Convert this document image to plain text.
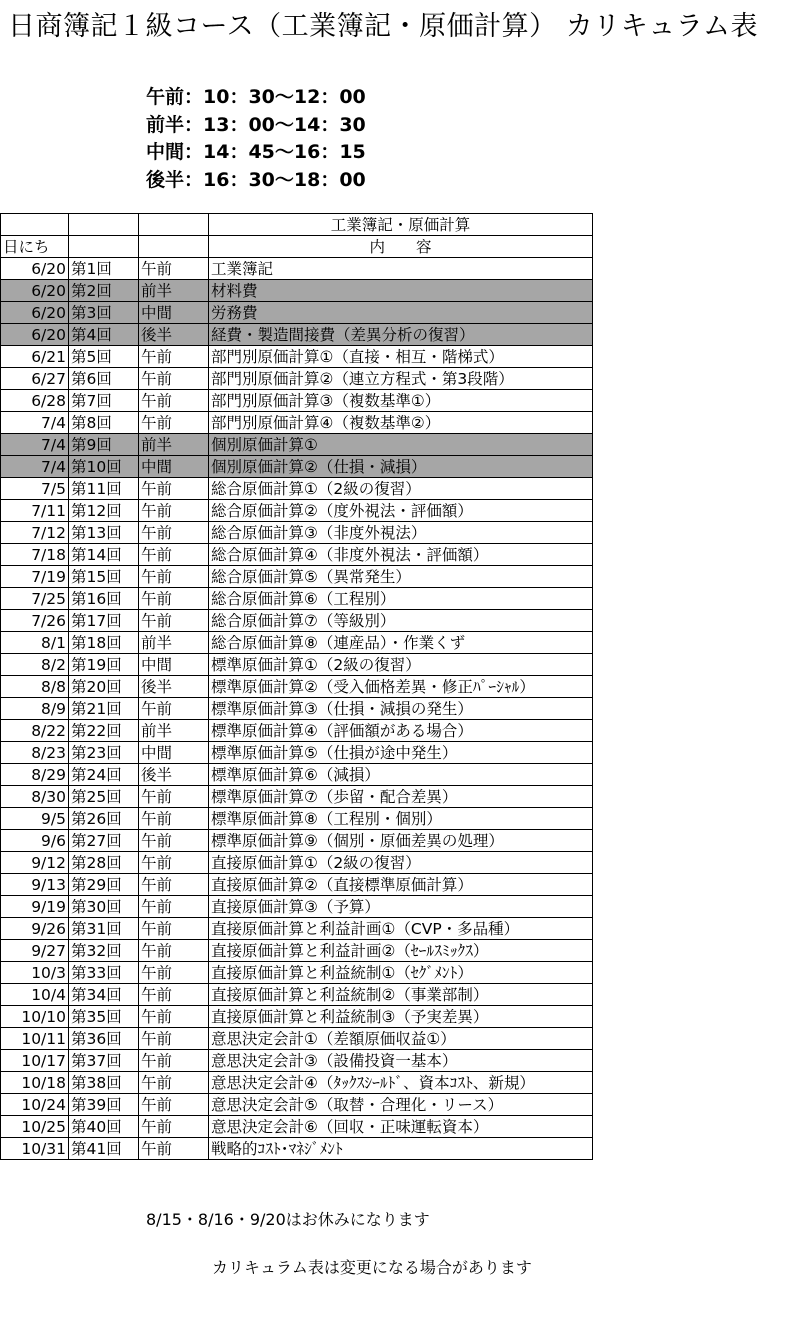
日商簿記１級コース（工業簿記・原価計算） カリキュラム表
午前：10：30〜12：00
前半：13：00〜14：30
中間：14：45〜16：15
後半：16：30〜18：00
			工業簿記・原価計算
日にち			内　　容
6/20	第1回	午前	工業簿記
6/20	第2回	前半	材料費
6/20	第3回	中間	労務費
6/20	第4回	後半	経費・製造間接費（差異分析の復習）
6/21	第5回	午前	部門別原価計算①（直接・相互・階梯式）
6/27	第6回	午前	部門別原価計算②（連立方程式・第3段階）
6/28	第7回	午前	部門別原価計算③（複数基準①）
7/4	第8回	午前	部門別原価計算④（複数基準②）
7/4	第9回	前半	個別原価計算①
7/4	第10回	中間	個別原価計算②（仕損・減損）
7/5	第11回	午前	総合原価計算①（2級の復習）
7/11	第12回	午前	総合原価計算②（度外視法・評価額）
7/12	第13回	午前	総合原価計算③（非度外視法）
7/18	第14回	午前	総合原価計算④（非度外視法・評価額）
7/19	第15回	午前	総合原価計算⑤（異常発生）
7/25	第16回	午前	総合原価計算⑥（工程別）
7/26	第17回	午前	総合原価計算⑦（等級別）
8/1	第18回	前半	総合原価計算⑧（連産品）・作業くず
8/2	第19回	中間	標準原価計算①（2級の復習）
8/8	第20回	後半	標準原価計算②（受入価格差異・修正ﾊﾟｰｼｬﾙ）
8/9	第21回	午前	標準原価計算③（仕損・減損の発生）
8/22	第22回	前半	標準原価計算④（評価額がある場合）
8/23	第23回	中間	標準原価計算⑤（仕損が途中発生）
8/29	第24回	後半	標準原価計算⑥（減損）
8/30	第25回	午前	標準原価計算⑦（歩留・配合差異）
9/5	第26回	午前	標準原価計算⑧（工程別・個別）
9/6	第27回	午前	標準原価計算⑨（個別・原価差異の処理）
9/12	第28回	午前	直接原価計算①（2級の復習）
9/13	第29回	午前	直接原価計算②（直接標準原価計算）
9/19	第30回	午前	直接原価計算③（予算）
9/26	第31回	午前	直接原価計算と利益計画①（CVP・多品種）
9/27	第32回	午前	直接原価計算と利益計画②（ｾｰﾙｽﾐｯｸｽ）
10/3	第33回	午前	直接原価計算と利益統制①（ｾｸﾞﾒﾝﾄ）
10/4	第34回	午前	直接原価計算と利益統制②（事業部制）
10/10	第35回	午前	直接原価計算と利益統制③（予実差異）
10/11	第36回	午前	意思決定会計①（差額原価収益①）
10/17	第37回	午前	意思決定会計③（設備投資一基本）
10/18	第38回	午前	意思決定会計④（ﾀｯｸｽｼｰﾙﾄﾞ、資本ｺｽﾄ、新規）
10/24	第39回	午前	意思決定会計⑤（取替・合理化・リース）
10/25	第40回	午前	意思決定会計⑥（回収・正味運転資本）
10/31	第41回	午前	戦略的ｺｽﾄ･ﾏﾈｼﾞﾒﾝﾄ
8/15・8/16・9/20はお休みになります
カリキュラム表は変更になる場合があります
